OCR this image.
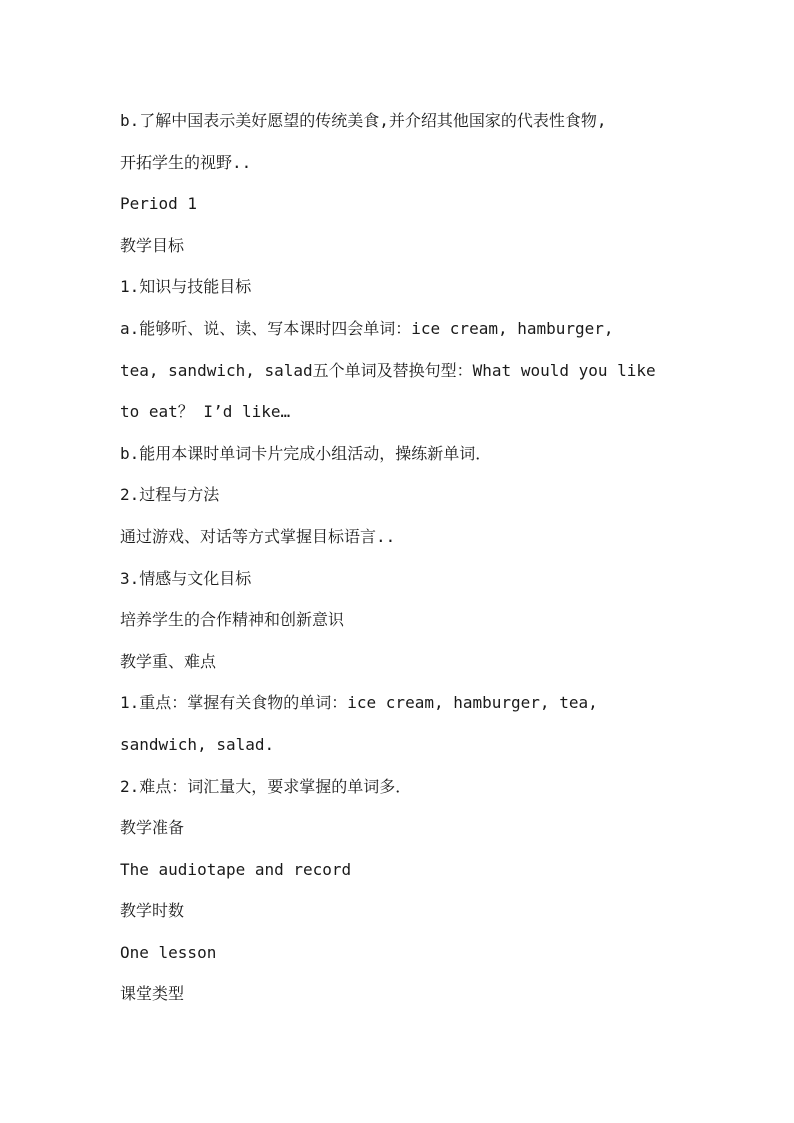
b.了解中国表示美好愿望的传统美食,并介绍其他国家的代表性食物,
开拓学生的视野..
Period 1
教学目标
1.知识与技能目标
a.能够听、说、读、写本课时四会单词：ice cream, hamburger,
tea, sandwich, salad五个单词及替换句型：What would you like
to eat？ I’d like…
b.能用本课时单词卡片完成小组活动，操练新单词．
2.过程与方法
通过游戏、对话等方式掌握目标语言..
3.情感与文化目标
培养学生的合作精神和创新意识
教学重、难点
1.重点：掌握有关食物的单词：ice cream, hamburger, tea,
sandwich, salad.
2.难点：词汇量大，要求掌握的单词多．
教学准备
The audiotape and record
教学时数
One lesson
课堂类型
